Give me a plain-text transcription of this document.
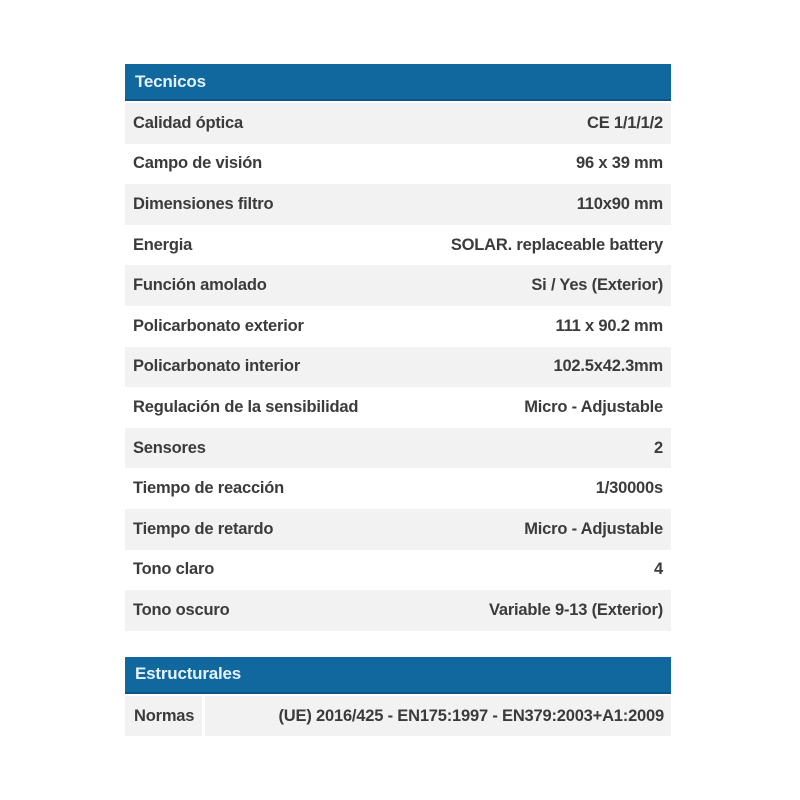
Tecnicos
Calidad óptica	CE 1/1/1/2
Campo de visión	96 x 39 mm
Dimensiones filtro	110x90 mm
Energia	SOLAR. replaceable battery
Función amolado	Si / Yes (Exterior)
Policarbonato exterior	111 x 90.2 mm
Policarbonato interior	102.5x42.3mm
Regulación de la sensibilidad	Micro - Adjustable
Sensores	2
Tiempo de reacción	1/30000s
Tiempo de retardo	Micro - Adjustable
Tono claro	4
Tono oscuro	Variable 9-13 (Exterior)
Estructurales
Normas	(UE) 2016/425 - EN175:1997 - EN379:2003+A1:2009
